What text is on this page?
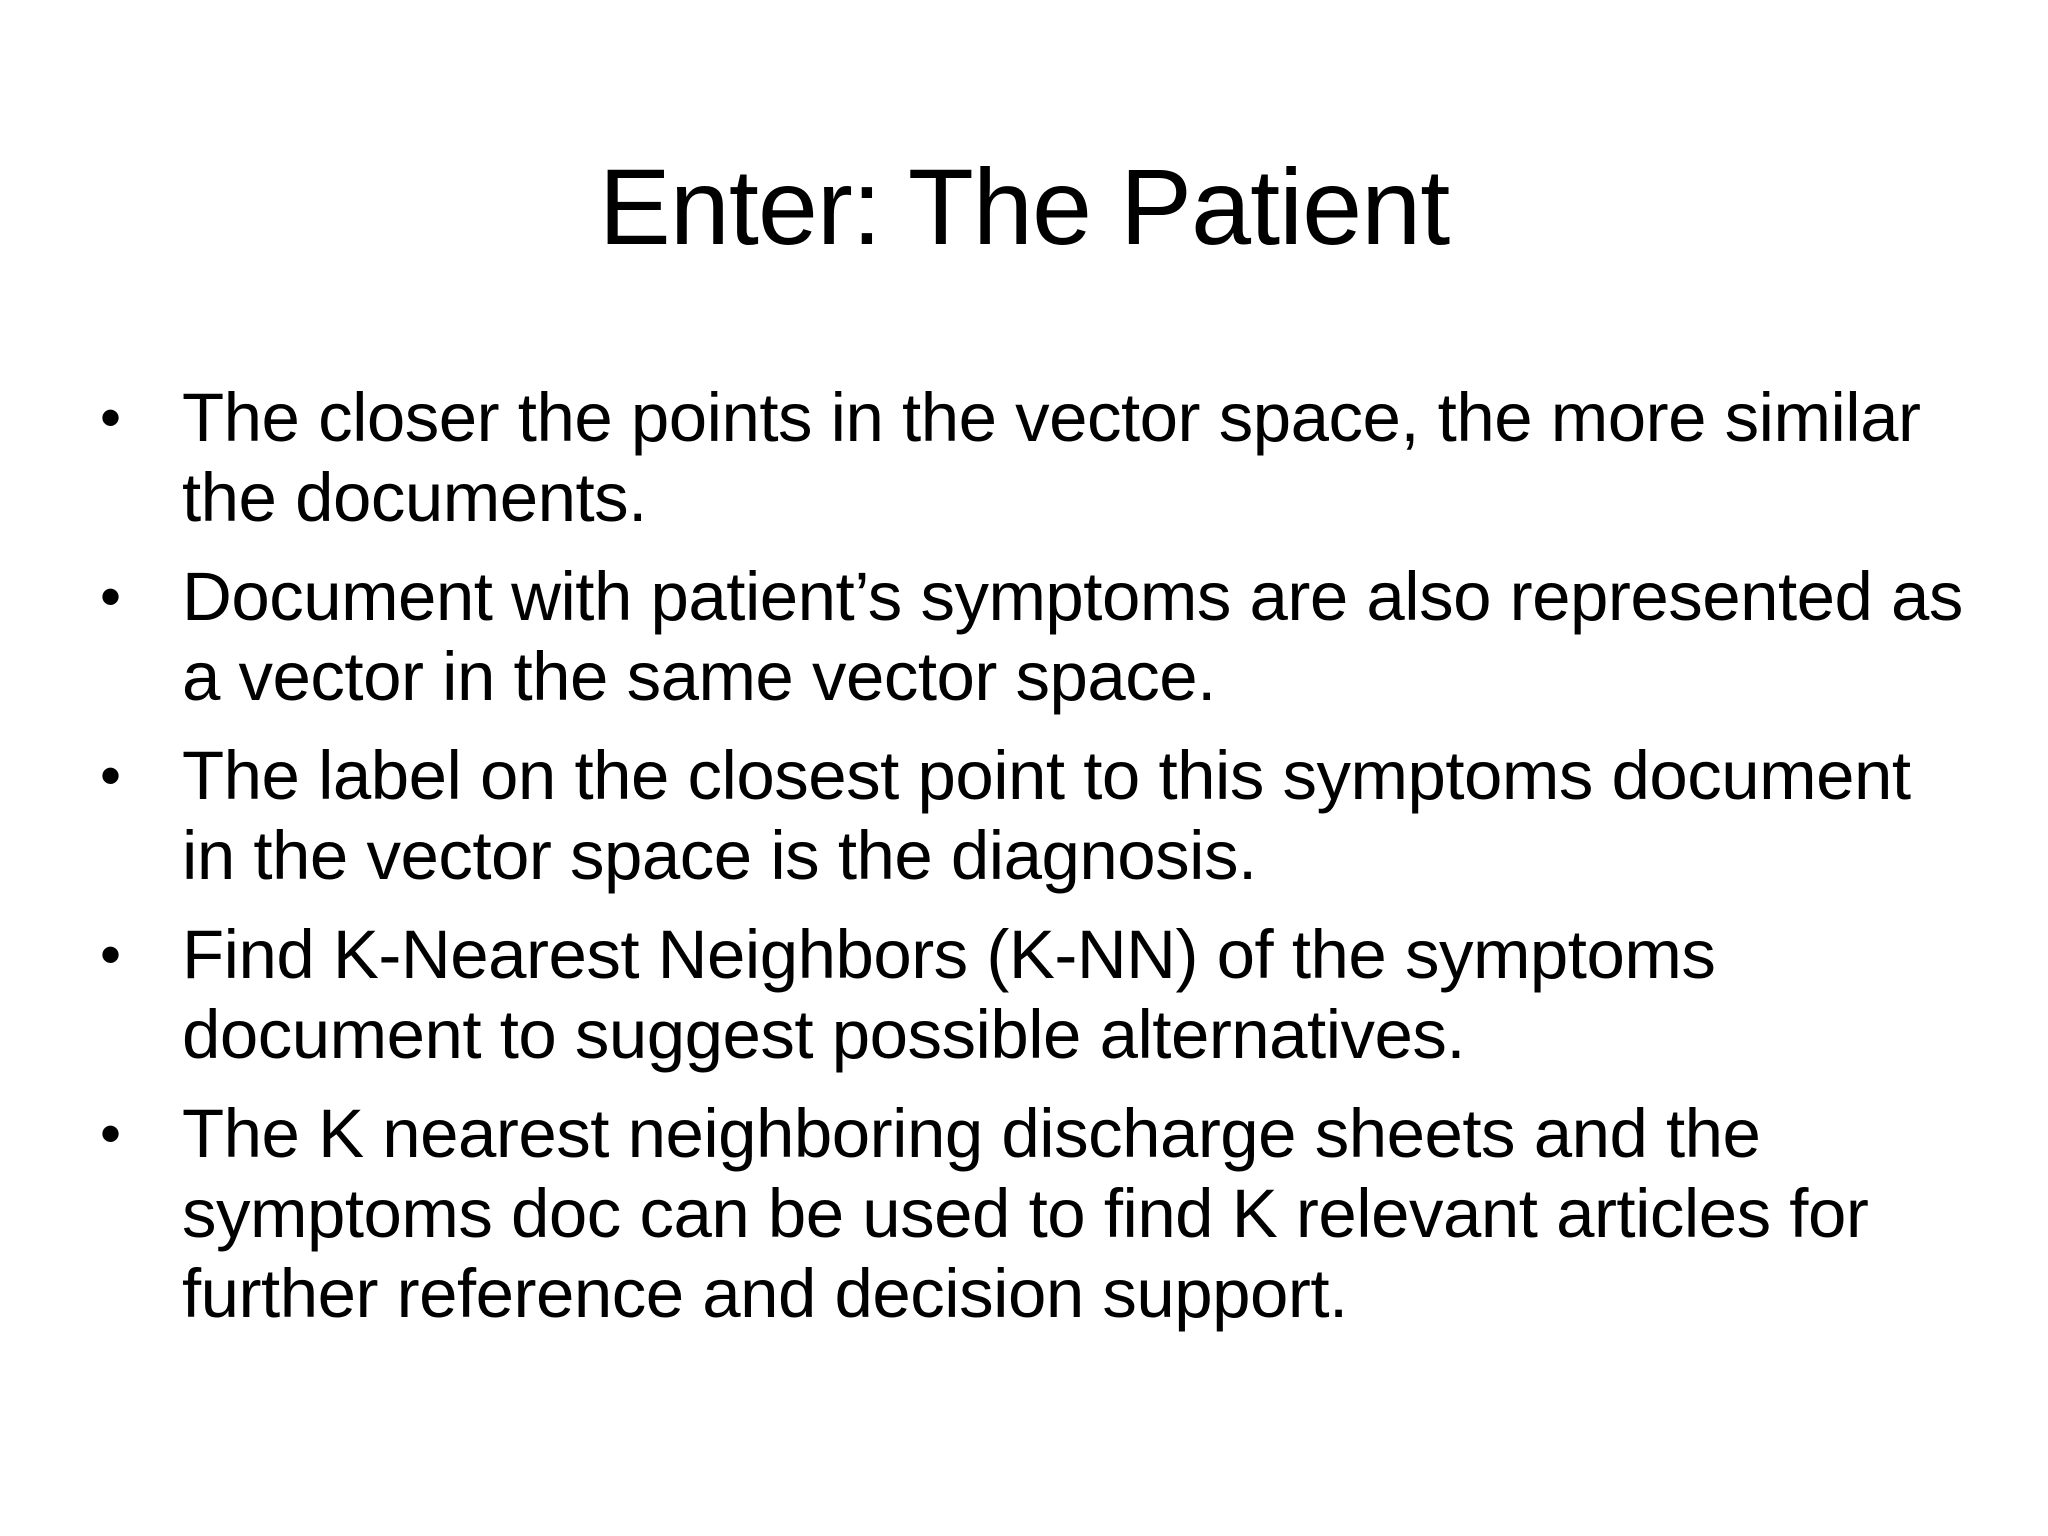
Enter: The Patient
• The closer the points in the vector space, the more similar the documents.
• Document with patient’s symptoms are also represented as a vector in the same vector space.
• The label on the closest point to this symptoms document in the vector space is the diagnosis.
• Find K-Nearest Neighbors (K-NN) of the symptoms document to suggest possible alternatives.
• The K nearest neighboring discharge sheets and the symptoms doc can be used to find K relevant articles for further reference and decision support.
